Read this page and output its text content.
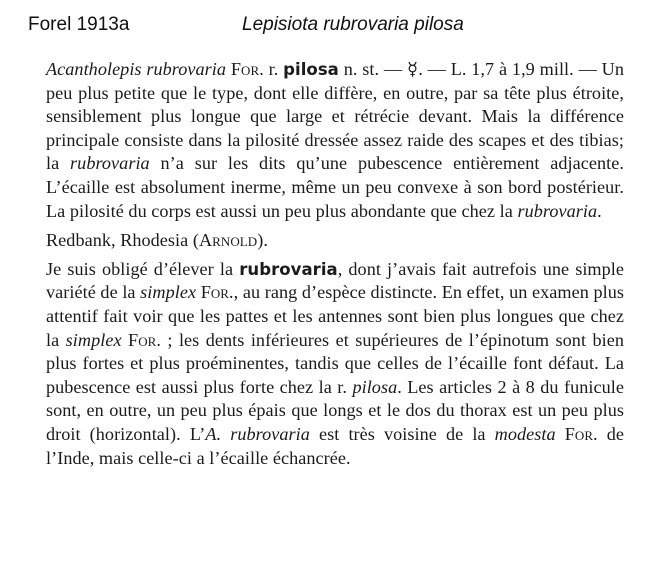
Forel 1913a	Lepisiota rubrovaria pilosa

Acantholepis rubrovaria For. r. pilosa n. st. — ☿. — L. 1,7 à 1,9 mill. — Un peu plus petite que le type, dont elle diffère, en outre, par sa tête plus étroite, sensiblement plus longue que large et rétrécie devant. Mais la différence principale consiste dans la pilosité dressée assez raide des scapes et des tibias; la rubrovaria n’a sur les dits qu’une pubescence entièrement adjacente. L’écaille est absolument inerme, même un peu convexe à son bord postérieur. La pilosité du corps est aussi un peu plus abondante que chez la rubrovaria.

Redbank, Rhodesia (Arnold).

Je suis obligé d’élever la rubrovaria, dont j’avais fait autrefois une simple variété de la simplex For., au rang d’espèce distincte. En effet, un examen plus attentif fait voir que les pattes et les antennes sont bien plus longues que chez la simplex For. ; les dents inférieures et supérieures de l’épinotum sont bien plus fortes et plus proéminentes, tandis que celles de l’écaille font défaut. La pubescence est aussi plus forte chez la r. pilosa. Les articles 2 à 8 du funicule sont, en outre, un peu plus épais que longs et le dos du thorax est un peu plus droit (horizontal). L’A. rubrovaria est très voisine de la modesta For. de l’Inde, mais celle-ci a l’écaille échancrée.
